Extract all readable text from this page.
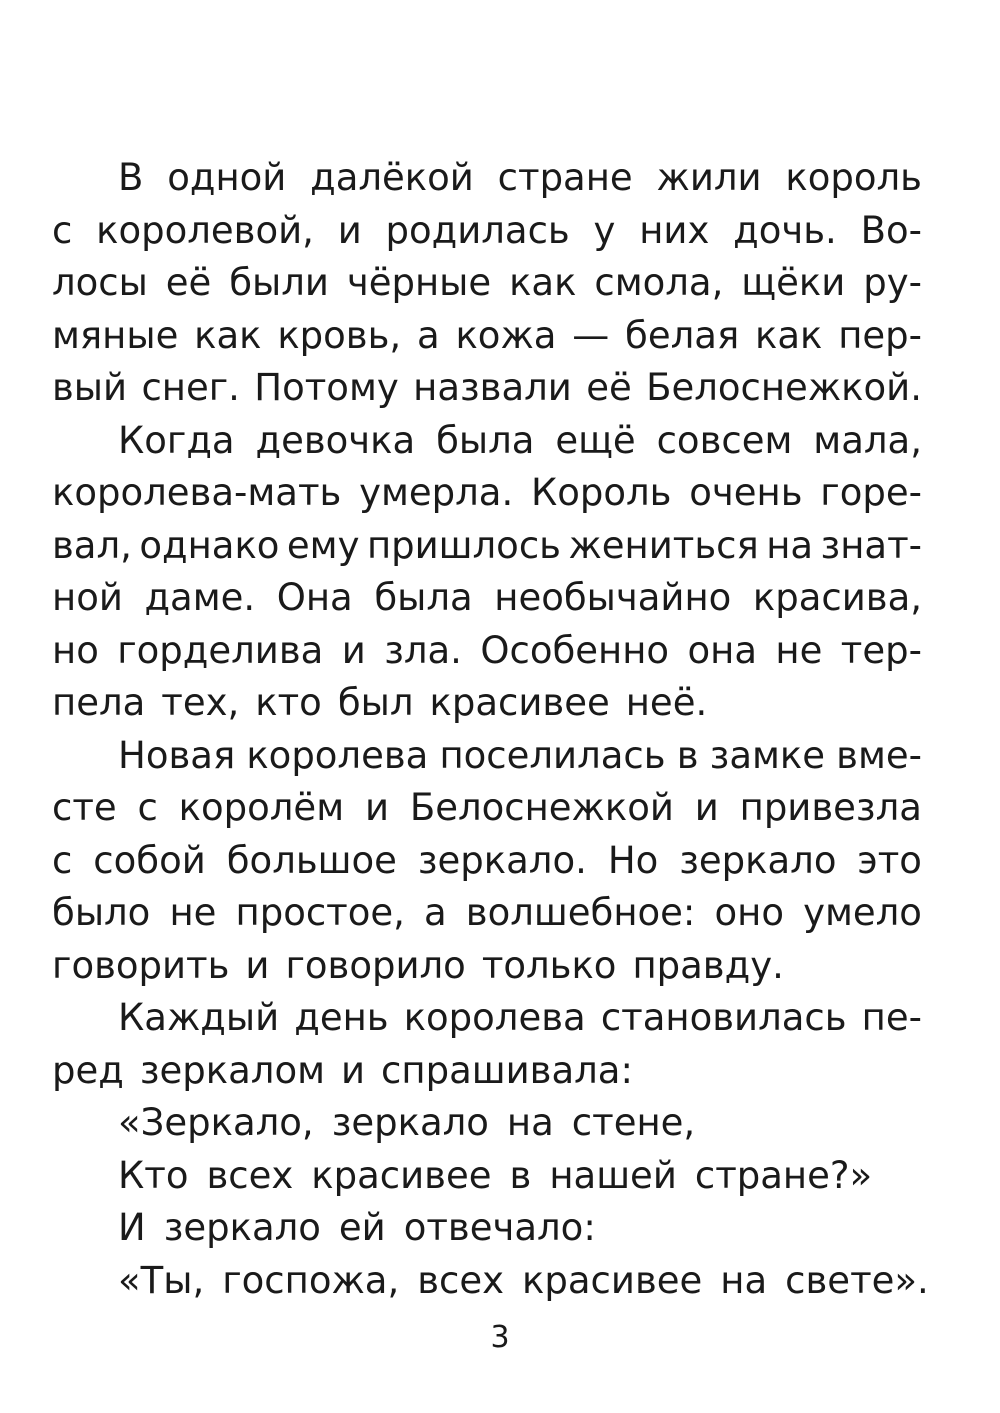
В одной далёкой стране жили король
с королевой, и родилась у них дочь. Во-
лосы её были чёрные как смола, щёки ру-
мяные как кровь, а кожа — белая как пер-
вый снег. Потому назвали её Белоснежкой.
Когда девочка была ещё совсем мала,
королева-мать умерла. Король очень горе-
вал, однако ему пришлось жениться на знат-
ной даме. Она была необычайно красива,
но горделива и зла. Особенно она не тер-
пела тех, кто был красивее неё.
Новая королева поселилась в замке вме-
сте с королём и Белоснежкой и привезла
с собой большое зеркало. Но зеркало это
было не простое, а волшебное: оно умело
говорить и говорило только правду.
Каждый день королева становилась пе-
ред зеркалом и спрашивала:
«Зеркало, зеркало на стене,
Кто всех красивее в нашей стране?»
И зеркало ей отвечало:
«Ты, госпожа, всех красивее на свете».
3
